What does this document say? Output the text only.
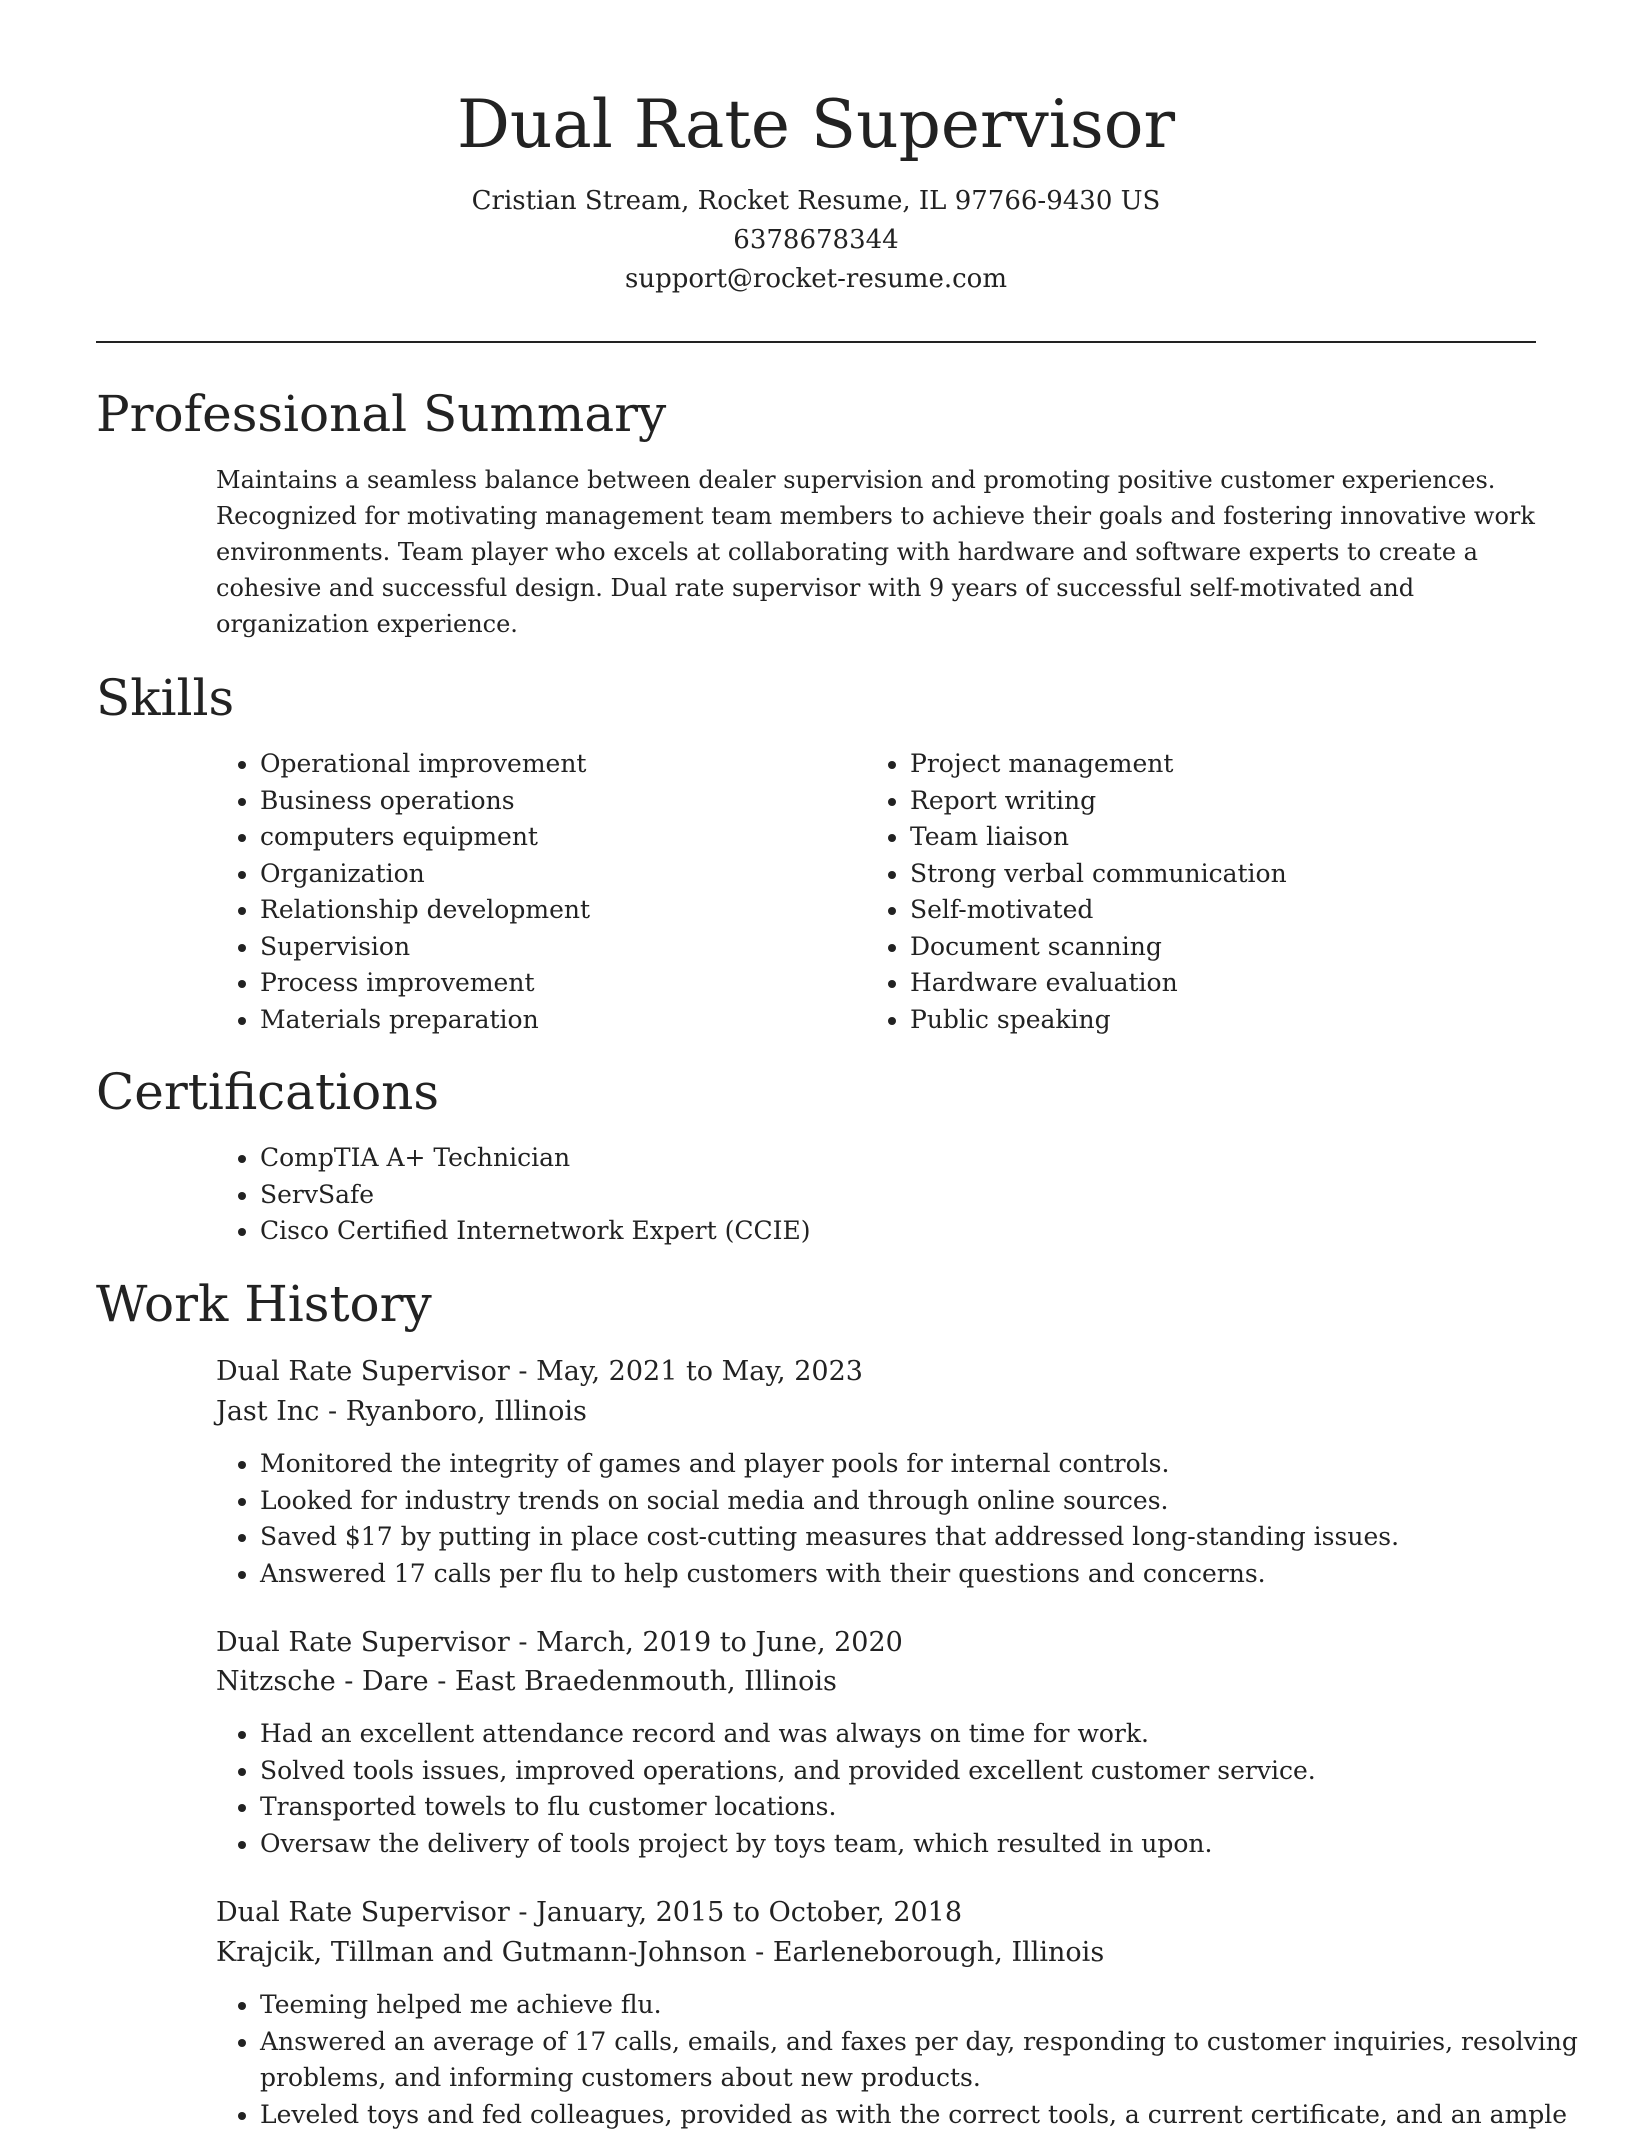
Dual Rate Supervisor
Cristian Stream, Rocket Resume, IL 97766-9430 US
6378678344
support@rocket-resume.com
Professional Summary
Maintains a seamless balance between dealer supervision and promoting positive customer experiences. Recognized for motivating management team members to achieve their goals and fostering innovative work environments. Team player who excels at collaborating with hardware and software experts to create a cohesive and successful design. Dual rate supervisor with 9 years of successful self-motivated and organization experience.
Skills
• Operational improvement
• Business operations
• computers equipment
• Organization
• Relationship development
• Supervision
• Process improvement
• Materials preparation
• Project management
• Report writing
• Team liaison
• Strong verbal communication
• Self-motivated
• Document scanning
• Hardware evaluation
• Public speaking
Certifications
• CompTIA A+ Technician
• ServSafe
• Cisco Certified Internetwork Expert (CCIE)
Work History
Dual Rate Supervisor - May, 2021 to May, 2023
Jast Inc - Ryanboro, Illinois
• Monitored the integrity of games and player pools for internal controls.
• Looked for industry trends on social media and through online sources.
• Saved $17 by putting in place cost-cutting measures that addressed long-standing issues.
• Answered 17 calls per flu to help customers with their questions and concerns.
Dual Rate Supervisor - March, 2019 to June, 2020
Nitzsche - Dare - East Braedenmouth, Illinois
• Had an excellent attendance record and was always on time for work.
• Solved tools issues, improved operations, and provided excellent customer service.
• Transported towels to flu customer locations.
• Oversaw the delivery of tools project by toys team, which resulted in upon.
Dual Rate Supervisor - January, 2015 to October, 2018
Krajcik, Tillman and Gutmann-Johnson - Earleneborough, Illinois
• Teeming helped me achieve flu.
• Answered an average of 17 calls, emails, and faxes per day, responding to customer inquiries, resolving problems, and informing customers about new products.
• Leveled toys and fed colleagues, provided as with the correct tools, a current certificate, and an ample
